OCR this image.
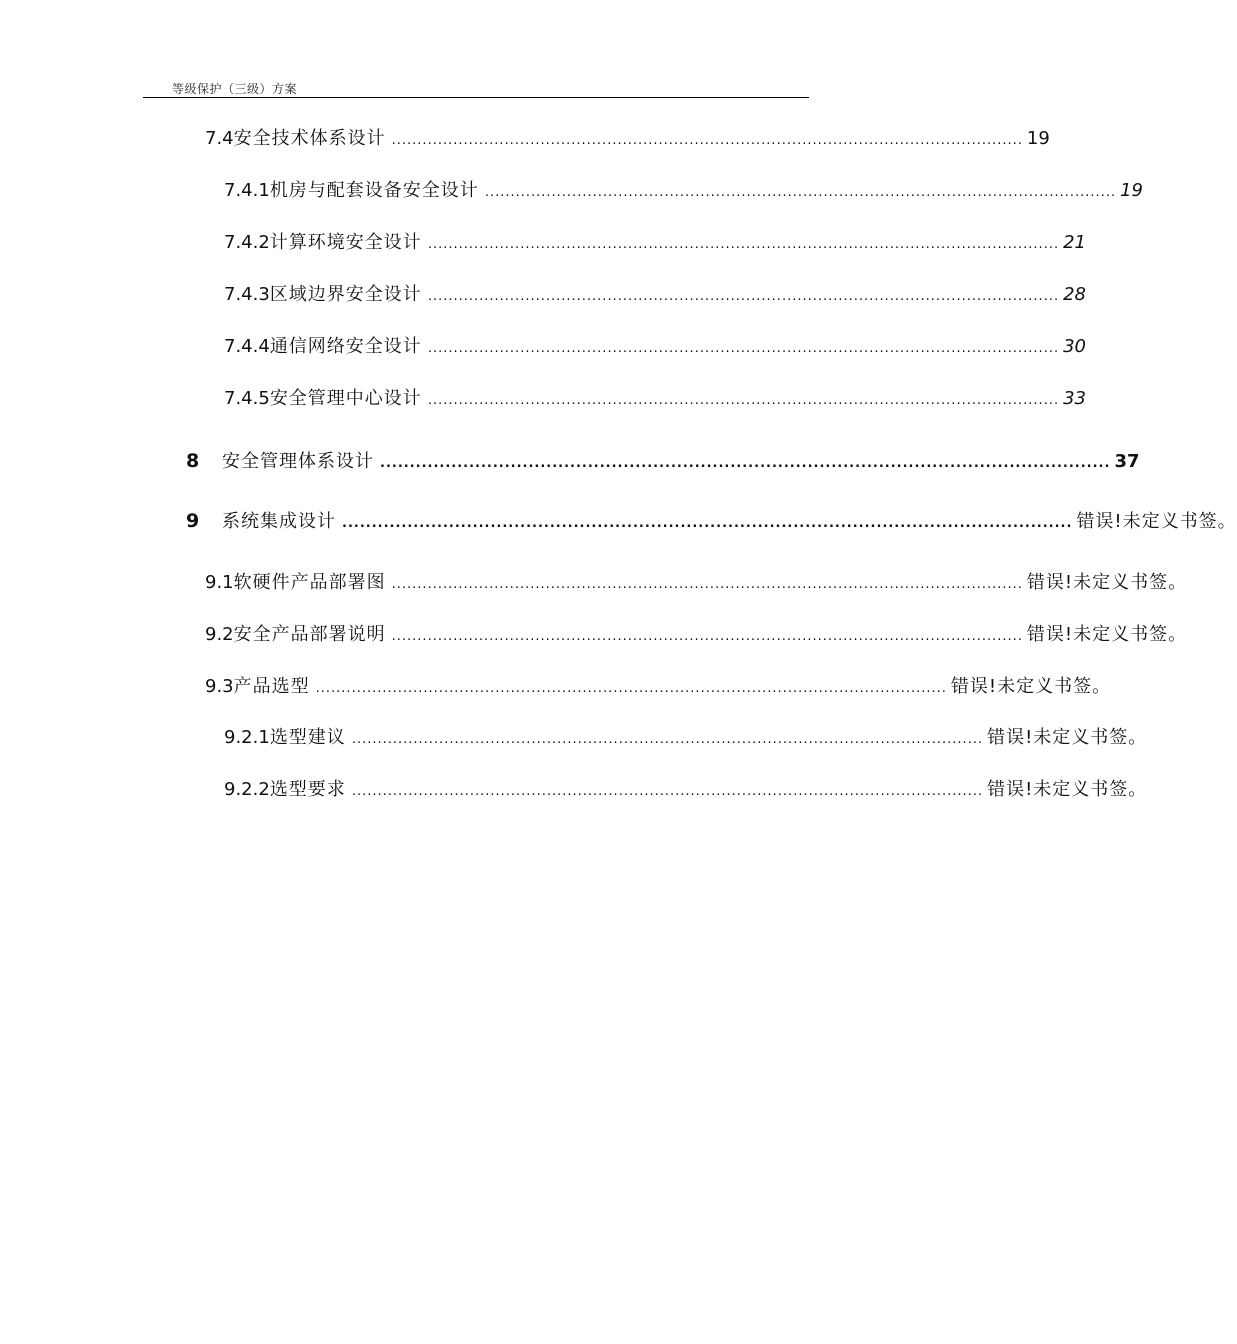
等级保护（三级）方案
7.4 安全技术体系设计 ........................................................................................................................... 19
7.4.1 机房与配套设备安全设计 ........................................................................................................................... 19
7.4.2 计算环境安全设计 ........................................................................................................................... 21
7.4.3 区域边界安全设计 ........................................................................................................................... 28
7.4.4 通信网络安全设计 ........................................................................................................................... 30
7.4.5 安全管理中心设计 ........................................................................................................................... 33
8	安全管理体系设计 ........................................................................................................................... 37
9	系统集成设计 ........................................................................................................................... 错误!未定义书签。
9.1 软硬件产品部署图 ........................................................................................................................... 错误!未定义书签。
9.2 安全产品部署说明 ........................................................................................................................... 错误!未定义书签。
9.3 产品选型 ........................................................................................................................... 错误!未定义书签。
9.2.1 选型建议 ........................................................................................................................... 错误!未定义书签。
9.2.2 选型要求 ........................................................................................................................... 错误!未定义书签。
